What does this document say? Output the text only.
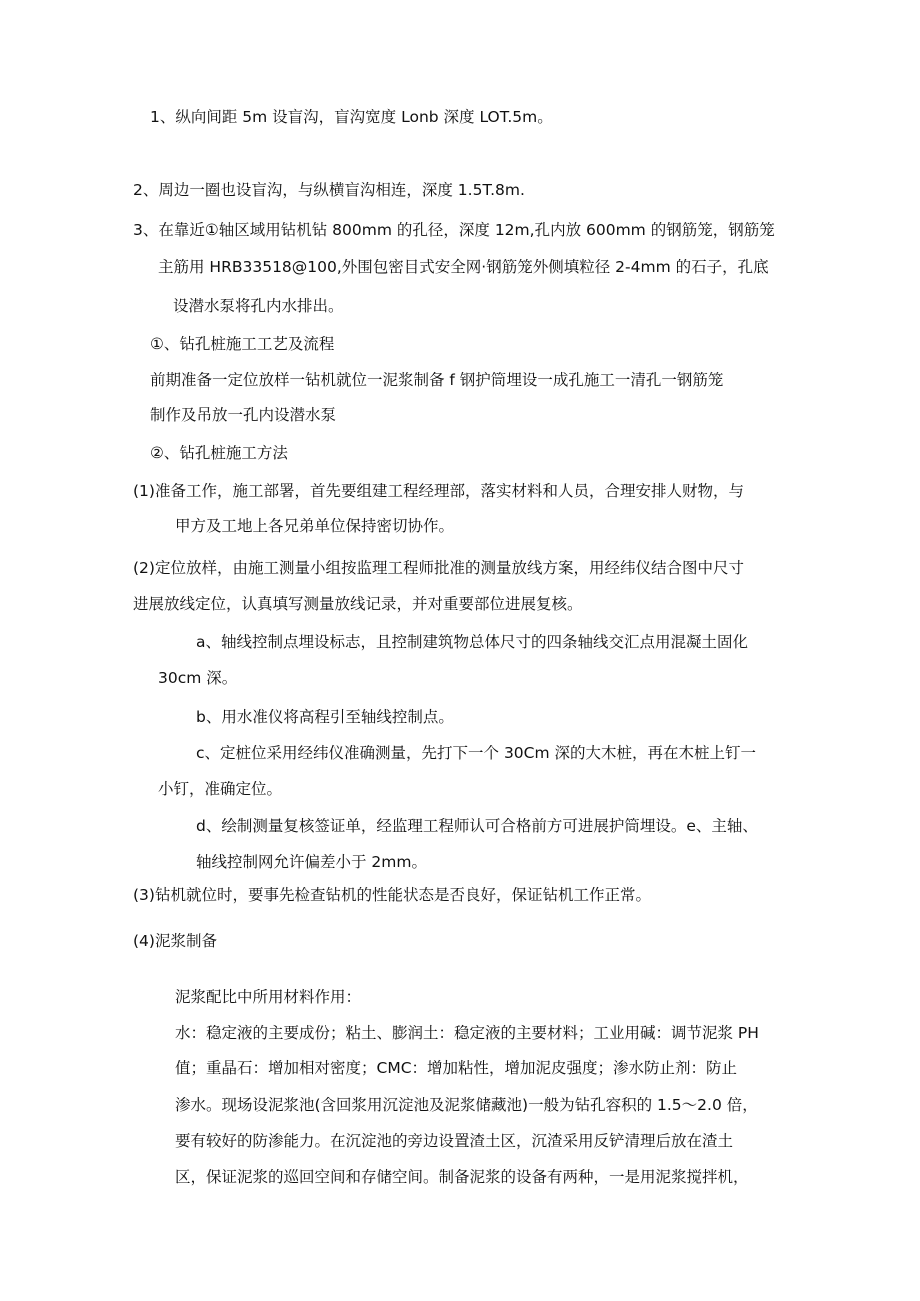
1、纵向间距 5m 设盲沟，盲沟宽度 Lonb 深度 LOT.5m。
2、周边一圈也设盲沟，与纵横盲沟相连，深度 1.5T.8m.
3、在靠近①轴区域用钻机钻 800mm 的孔径，深度 12m,孔内放 600mm 的钢筋笼，钢筋笼
主筋用 HRB33518@100,外围包密目式安全网·钢筋笼外侧填粒径 2-4mm 的石子，孔底
设潜水泵将孔内水排出。
①、钻孔桩施工工艺及流程
前期准备一定位放样一钻机就位一泥浆制备 f 钢护筒埋设一成孔施工一清孔一钢筋笼
制作及吊放一孔内设潜水泵
②、钻孔桩施工方法
(1)准备工作，施工部署，首先要组建工程经理部，落实材料和人员，合理安排人财物，与
甲方及工地上各兄弟单位保持密切协作。
(2)定位放样，由施工测量小组按监理工程师批准的测量放线方案，用经纬仪结合图中尺寸
进展放线定位，认真填写测量放线记录，并对重要部位进展复核。
a、轴线控制点埋设标志，且控制建筑物总体尺寸的四条轴线交汇点用混凝土固化
30cm 深。
b、用水准仪将高程引至轴线控制点。
c、定桩位采用经纬仪准确测量，先打下一个 30Cm 深的大木桩，再在木桩上钉一
小钉，准确定位。
d、绘制测量复核签证单，经监理工程师认可合格前方可进展护筒埋设。e、主轴、
轴线控制网允许偏差小于 2mm。
(3)钻机就位时，要事先检查钻机的性能状态是否良好，保证钻机工作正常。
(4)泥浆制备
泥浆配比中所用材料作用：
水：稳定液的主要成份；粘土、膨润土：稳定液的主要材料；工业用碱：调节泥浆 PH
值；重晶石：增加相对密度；CMC：增加粘性，增加泥皮强度；渗水防止剂：防止
渗水。现场设泥浆池(含回浆用沉淀池及泥浆储藏池)一般为钻孔容积的 1.5～2.0 倍，
要有较好的防渗能力。在沉淀池的旁边设置渣土区，沉渣采用反铲清理后放在渣土
区，保证泥浆的巡回空间和存储空间。制备泥浆的设备有两种，一是用泥浆搅拌机，
